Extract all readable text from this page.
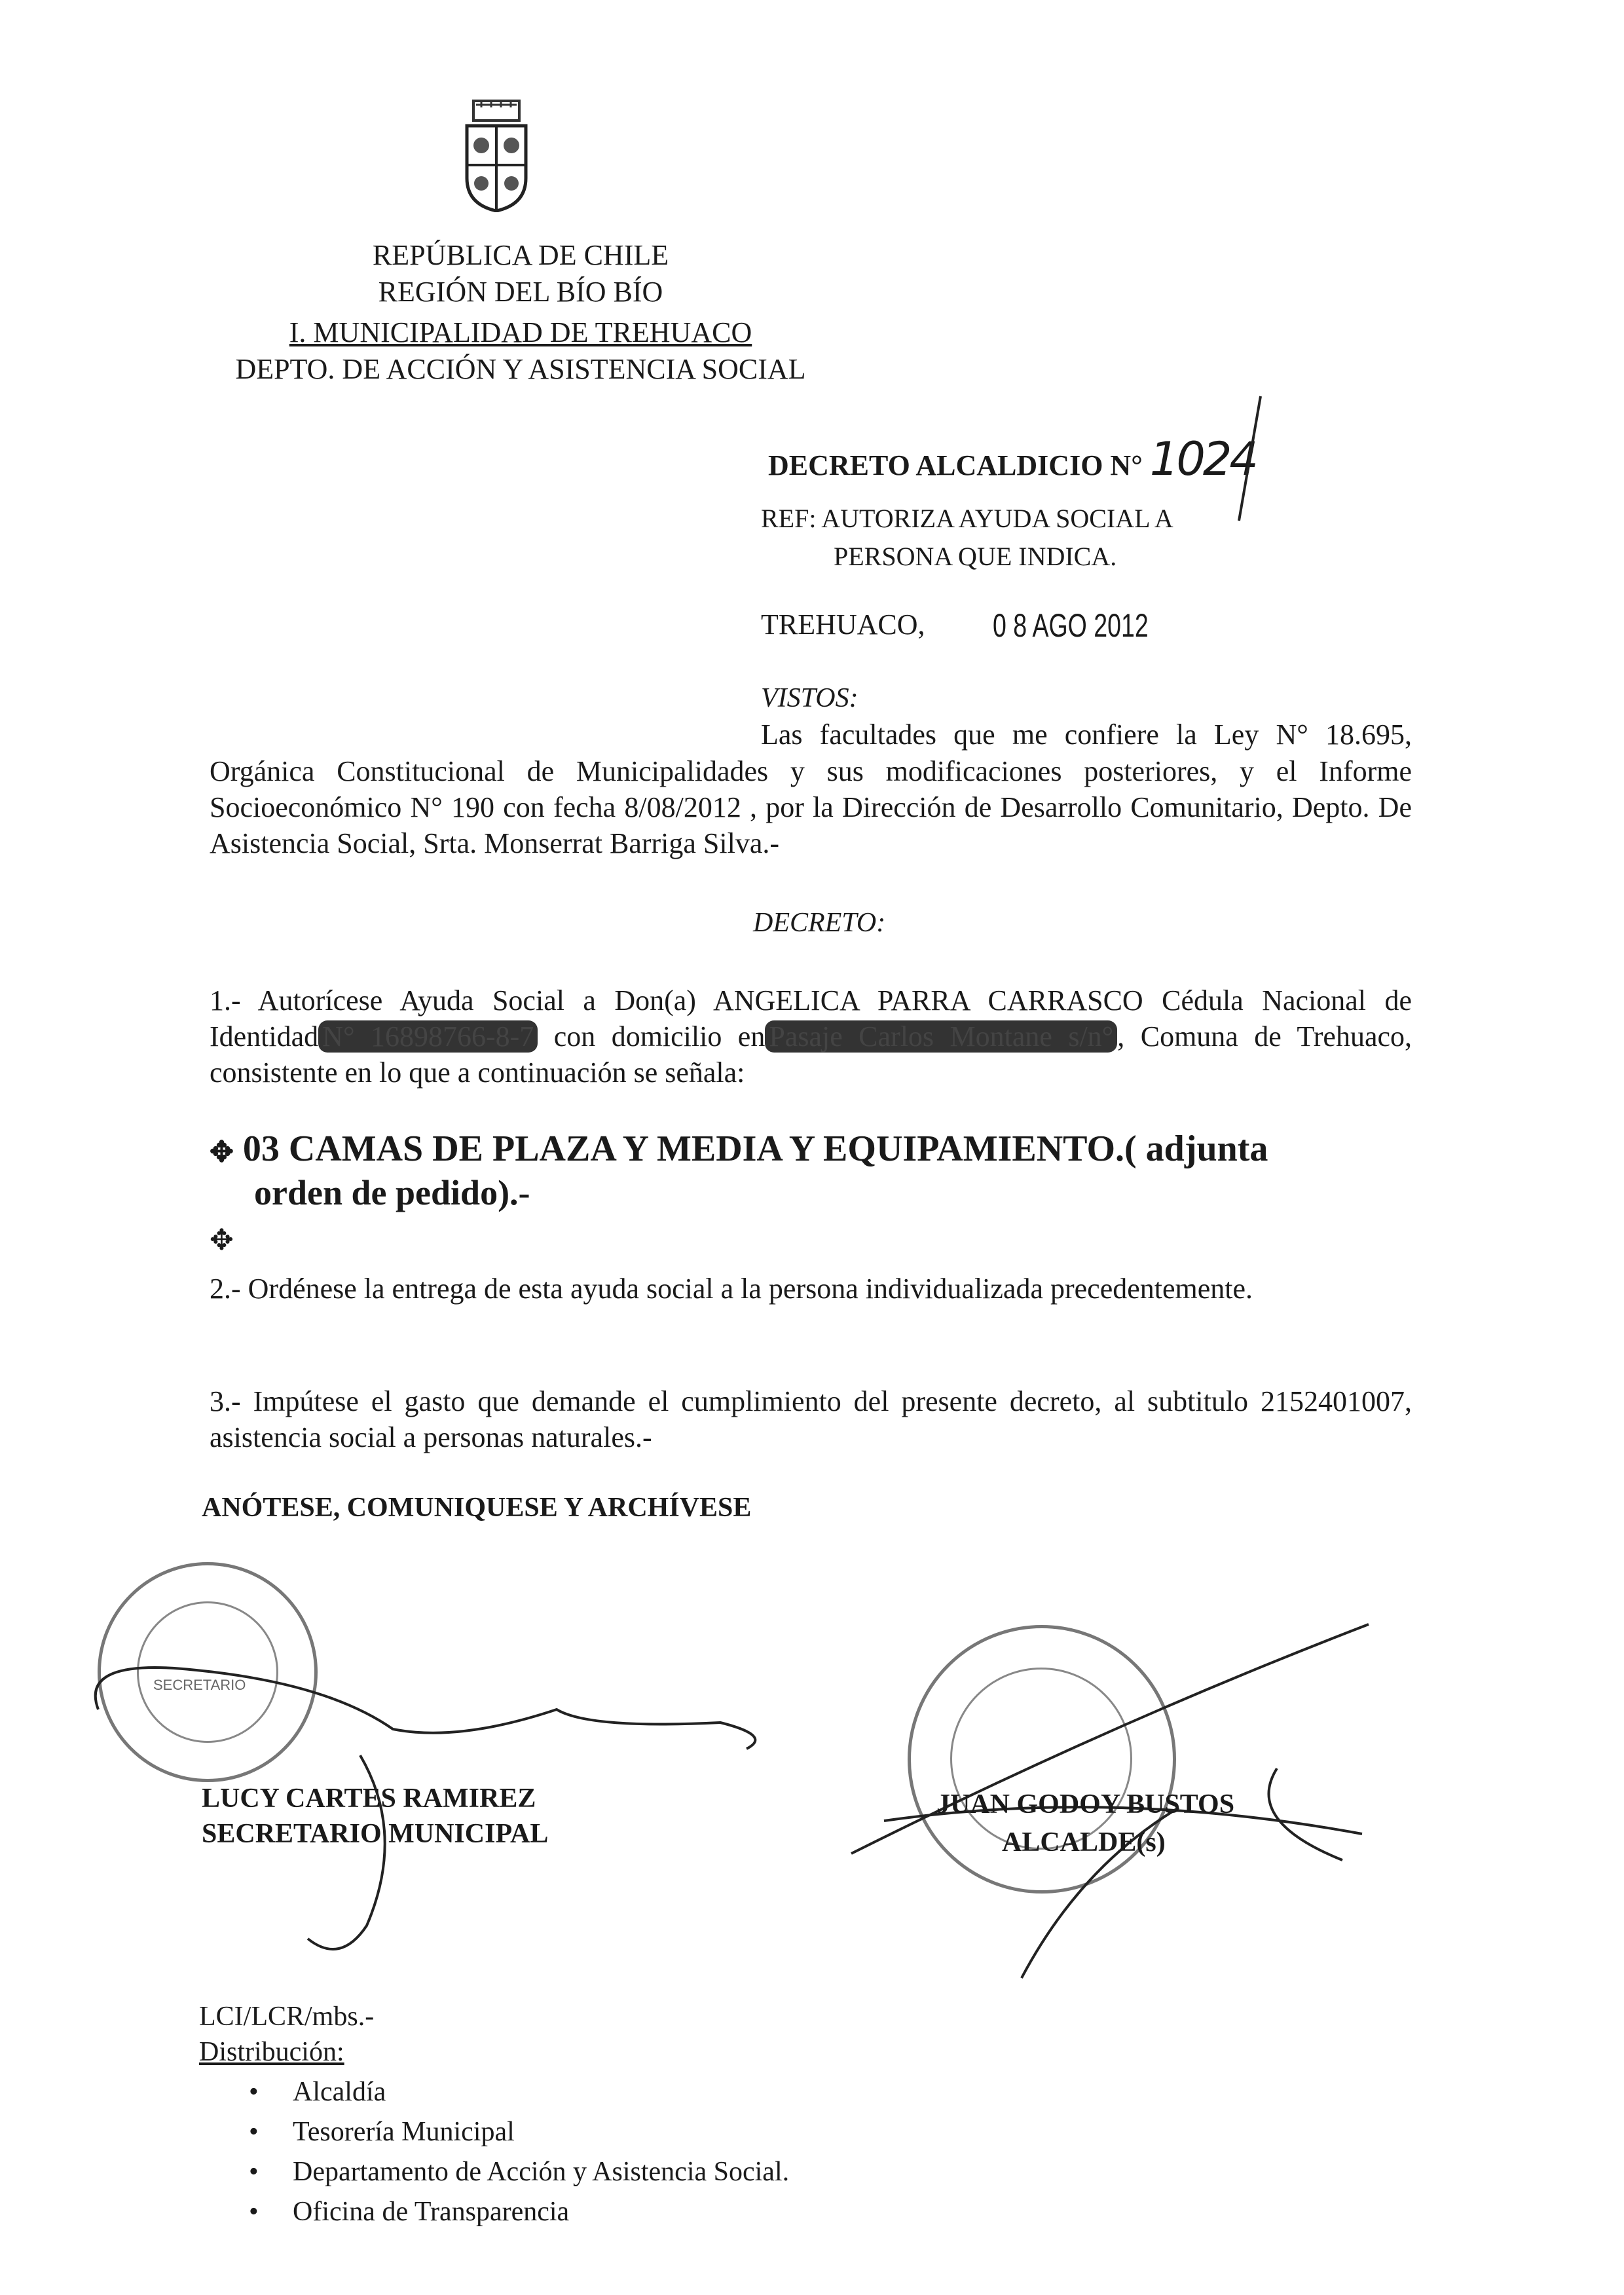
REPÚBLICA DE CHILE
REGIÓN DEL BÍO BÍO
I. MUNICIPALIDAD DE TREHUACO
DEPTO. DE ACCIÓN Y ASISTENCIA SOCIAL
DECRETO ALCALDICIO N° 1024
REF: AUTORIZA AYUDA SOCIAL A
PERSONA QUE INDICA.
TREHUACO, 0 8 AGO 2012
VISTOS:
Las facultades que me confiere la Ley N° 18.695,
Orgánica Constitucional de Municipalidades y sus modificaciones posteriores, y el Informe Socioeconómico N° 190 con fecha 8/08/2012 , por la Dirección de Desarrollo Comunitario, Depto. De Asistencia Social, Srta. Monserrat Barriga Silva.-
DECRETO:
1.- Autorícese Ayuda Social a Don(a) ANGELICA PARRA CARRASCO Cédula Nacional de Identidad N° 16898766-8-7 con domicilio en Pasaje Carlos Montane s/n° , Comuna de Trehuaco, consistente en lo que a continuación se señala:
✥ 03 CAMAS DE PLAZA Y MEDIA Y EQUIPAMIENTO.( adjunta
orden de pedido).-
✥
2.- Ordénese la entrega de esta ayuda social a la persona individualizada precedentemente.
3.- Impútese el gasto que demande el cumplimiento del presente decreto, al subtitulo 2152401007, asistencia social a personas naturales.-
ANÓTESE, COMUNIQUESE Y ARCHÍVESE
SECRETARIO
LUCY CARTES RAMIREZ
SECRETARIO MUNICIPAL
JUAN GODOY BUSTOS
ALCALDE(s)
LCI/LCR/mbs.-
Distribución:
• Alcaldía
• Tesorería Municipal
• Departamento de Acción y Asistencia Social.
• Oficina de Transparencia
